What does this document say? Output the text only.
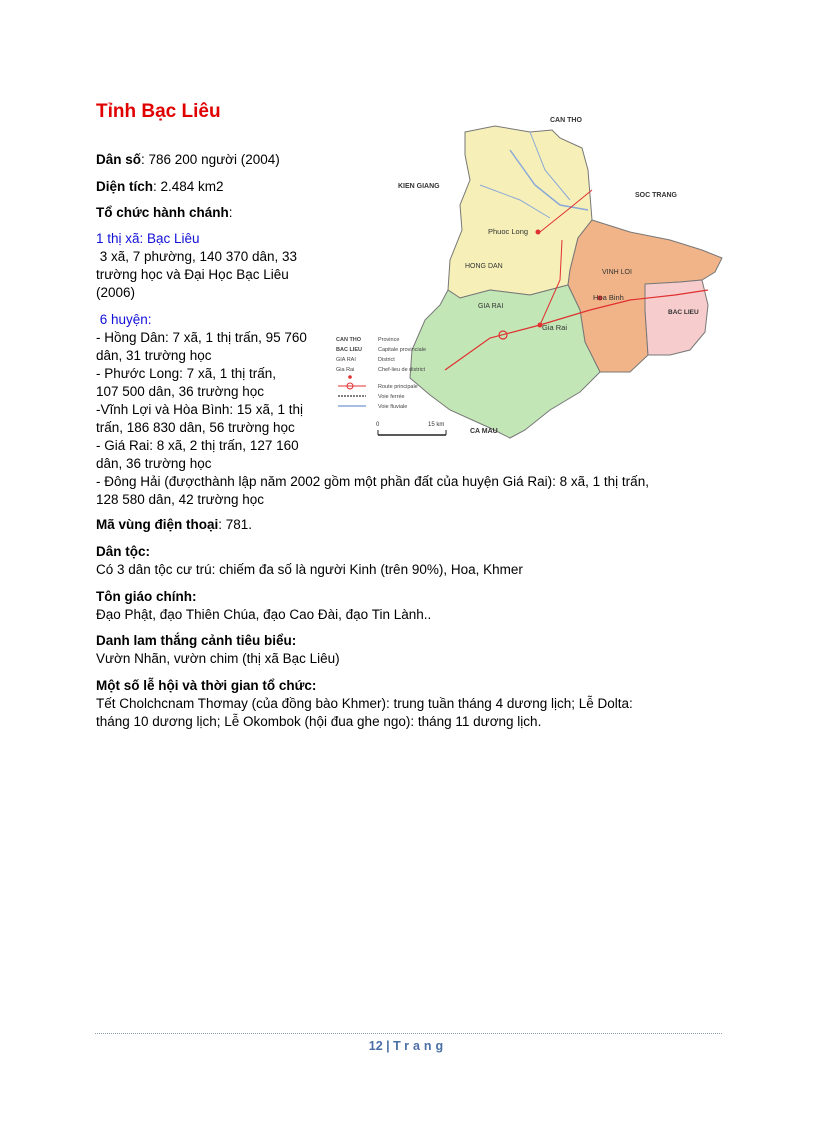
Tỉnh Bạc Liêu
Dân số: 786 200 người (2004)
Diện tích: 2.484 km2
Tổ chức hành chánh:
1 thị xã: Bạc Liêu
3 xã, 7 phường, 140 370 dân, 33
trường học và Đại Học Bạc Liêu
(2006)
6 huyện:
- Hồng Dân: 7 xã, 1 thị trấn, 95 760
dân, 31 trường học
- Phước Long: 7 xã, 1 thị trấn,
107 500 dân, 36 trường học
-Vĩnh Lợi và Hòa Bình: 15 xã, 1 thị
trấn, 186 830 dân, 56 trường học
- Giá Rai: 8 xã, 2 thị trấn, 127 160
dân, 36 trường học
- Đông Hải (đượcthành lập năm 2002 gồm một phần đất của huyện Giá Rai): 8 xã, 1 thị trấn,
128 580 dân, 42 trường học
Mã vùng điện thoại: 781.
Dân tộc:
Có 3 dân tộc cư trú: chiếm đa số là người Kinh (trên 90%), Hoa, Khmer
Tôn giáo chính:
Đạo Phật, đạo Thiên Chúa, đạo Cao Đài, đạo Tin Lành..
Danh lam thắng cảnh tiêu biểu:
Vườn Nhãn, vườn chim (thị xã Bạc Liêu)
Một số lễ hội và thời gian tổ chức:
Tết Cholchcnam Thơmay (của đồng bào Khmer): trung tuần tháng 4 dương lịch; Lễ Dolta:
tháng 10 dương lịch; Lễ Okombok (hội đua ghe ngo): tháng 11 dương lịch.
CAN THO
KIEN GIANG
SOC TRANG
Phuoc Long
HONG DAN
VINH LOI
Hoa Binh
BAC LIEU
GIA RAI
Gia Rai
CA MAU
CAN THO	Province
BAC LIEU	Capitale provinciale
GIA RAI	District
Gia Rai	Chef-lieu de district
Route principale
Voie ferrée
Voie fluviale
0	15 km
12 | Trang
